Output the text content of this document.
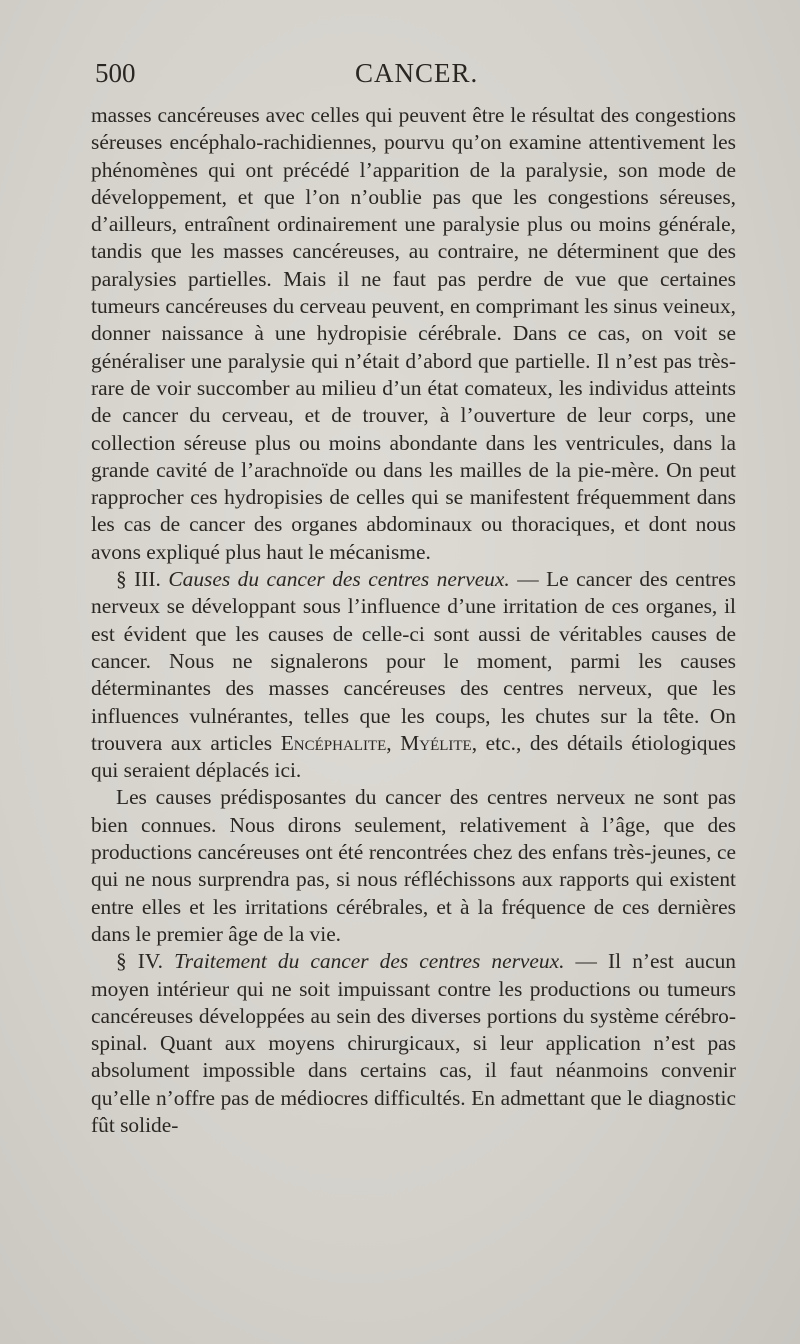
500	CANCER.

masses cancéreuses avec celles qui peuvent être le résultat des congestions séreuses encéphalo-rachidiennes, pourvu qu’on examine attentivement les phénomènes qui ont précédé l’apparition de la paralysie, son mode de développement, et que l’on n’oublie pas que les congestions séreuses, d’ailleurs, entraînent ordinairement une paralysie plus ou moins générale, tandis que les masses cancéreuses, au contraire, ne déterminent que des paralysies partielles. Mais il ne faut pas perdre de vue que certaines tumeurs cancéreuses du cerveau peuvent, en comprimant les sinus veineux, donner naissance à une hydropisie cérébrale. Dans ce cas, on voit se généraliser une paralysie qui n’était d’abord que partielle. Il n’est pas très-rare de voir succomber au milieu d’un état comateux, les individus atteints de cancer du cerveau, et de trouver, à l’ouverture de leur corps, une collection séreuse plus ou moins abondante dans les ventricules, dans la grande cavité de l’arachnoïde ou dans les mailles de la pie-mère. On peut rapprocher ces hydropisies de celles qui se manifestent fréquemment dans les cas de cancer des organes abdominaux ou thoraciques, et dont nous avons expliqué plus haut le mécanisme.

§ III. Causes du cancer des centres nerveux. — Le cancer des centres nerveux se développant sous l’influence d’une irritation de ces organes, il est évident que les causes de celle-ci sont aussi de véritables causes de cancer. Nous ne signalerons pour le moment, parmi les causes déterminantes des masses cancéreuses des centres nerveux, que les influences vulnérantes, telles que les coups, les chutes sur la tête. On trouvera aux articles Encéphalite, Myélite, etc., des détails étiologiques qui seraient déplacés ici.

Les causes prédisposantes du cancer des centres nerveux ne sont pas bien connues. Nous dirons seulement, relativement à l’âge, que des productions cancéreuses ont été rencontrées chez des enfans très-jeunes, ce qui ne nous surprendra pas, si nous réfléchissons aux rapports qui existent entre elles et les irritations cérébrales, et à la fréquence de ces dernières dans le premier âge de la vie.

§ IV. Traitement du cancer des centres nerveux. — Il n’est aucun moyen intérieur qui ne soit impuissant contre les productions ou tumeurs cancéreuses développées au sein des diverses portions du système cérébro-spinal. Quant aux moyens chirurgicaux, si leur application n’est pas absolument impossible dans certains cas, il faut néanmoins convenir qu’elle n’offre pas de médiocres difficultés. En admettant que le diagnostic fût solide-
